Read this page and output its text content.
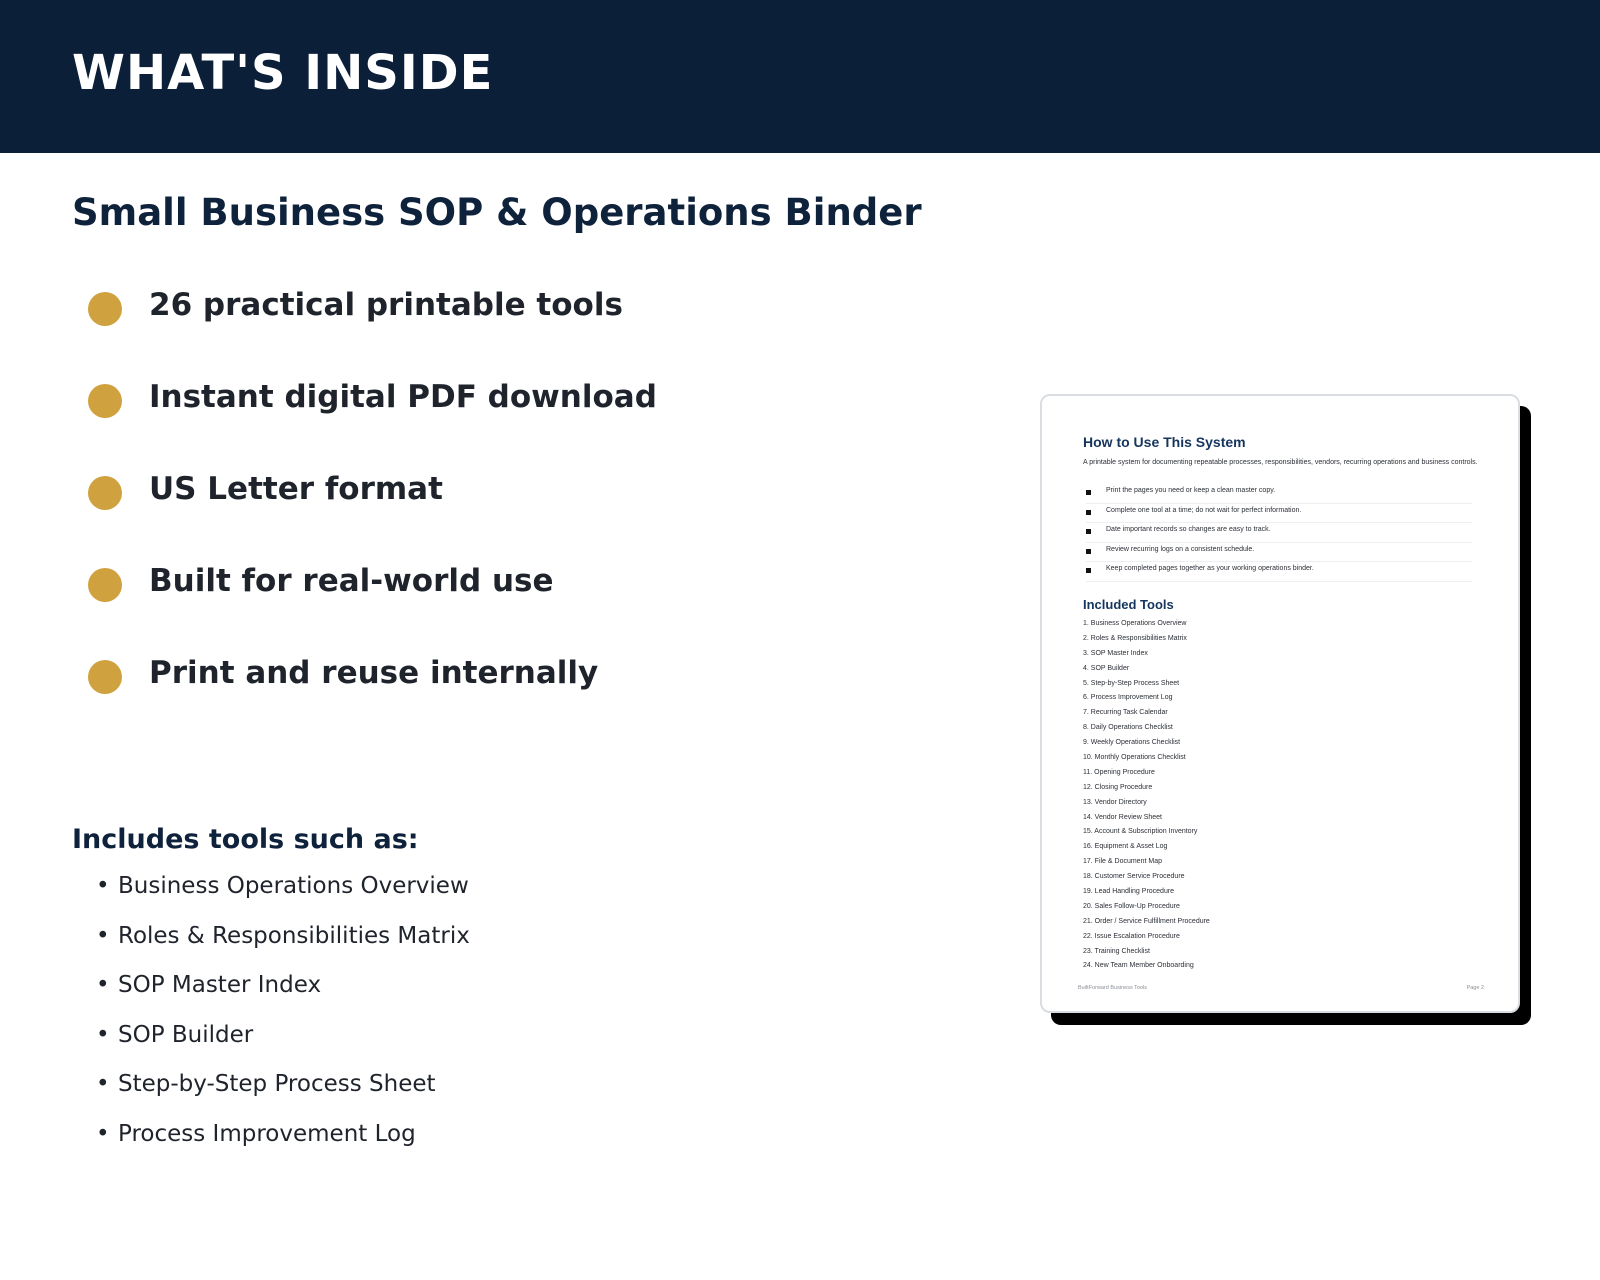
WHAT'S INSIDE
Small Business SOP & Operations Binder
26 practical printable tools
Instant digital PDF download
US Letter format
Built for real-world use
Print and reuse internally
Includes tools such as:
• Business Operations Overview
• Roles & Responsibilities Matrix
• SOP Master Index
• SOP Builder
• Step-by-Step Process Sheet
• Process Improvement Log
How to Use This System
A printable system for documenting repeatable processes, responsibilities, vendors, recurring operations and business controls.
Print the pages you need or keep a clean master copy.
Complete one tool at a time; do not wait for perfect information.
Date important records so changes are easy to track.
Review recurring logs on a consistent schedule.
Keep completed pages together as your working operations binder.
Included Tools
1. Business Operations Overview
2. Roles & Responsibilities Matrix
3. SOP Master Index
4. SOP Builder
5. Step-by-Step Process Sheet
6. Process Improvement Log
7. Recurring Task Calendar
8. Daily Operations Checklist
9. Weekly Operations Checklist
10. Monthly Operations Checklist
11. Opening Procedure
12. Closing Procedure
13. Vendor Directory
14. Vendor Review Sheet
15. Account & Subscription Inventory
16. Equipment & Asset Log
17. File & Document Map
18. Customer Service Procedure
19. Lead Handling Procedure
20. Sales Follow-Up Procedure
21. Order / Service Fulfillment Procedure
22. Issue Escalation Procedure
23. Training Checklist
24. New Team Member Onboarding
BuiltForward Business Tools	Page 2
